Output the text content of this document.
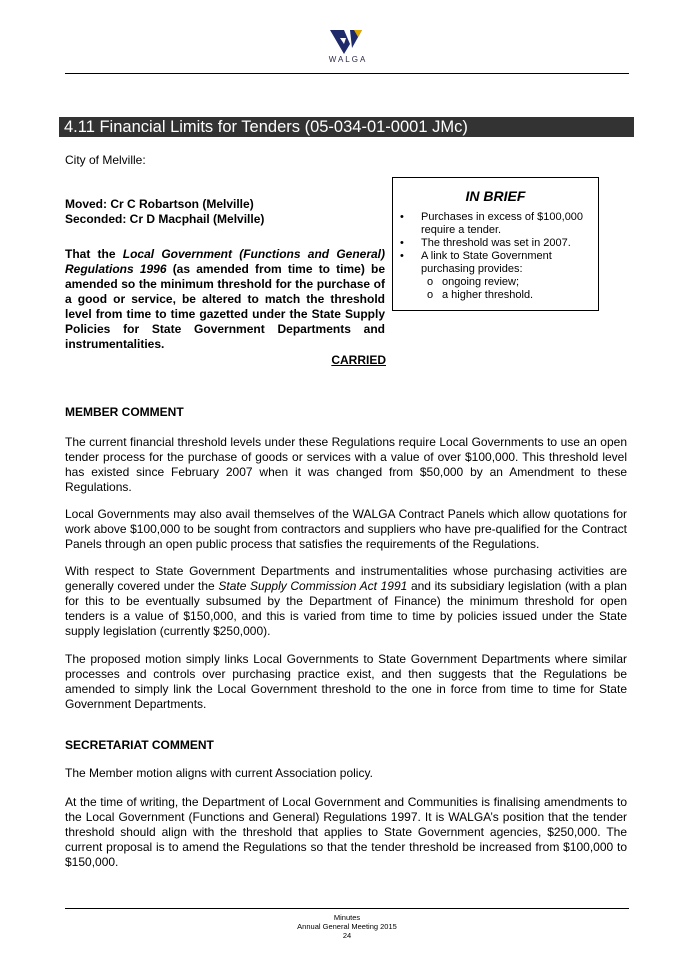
WALGA
4.11 Financial Limits for Tenders (05-034-01-0001 JMc)
City of Melville:
Moved: Cr C Robartson (Melville)
Seconded: Cr D Macphail (Melville)
That the Local Government (Functions and General) Regulations 1996 (as amended from time to time) be amended so the minimum threshold for the purchase of a good or service, be altered to match the threshold level from time to time gazetted under the State Supply Policies for State Government Departments and instrumentalities.
CARRIED
IN BRIEF
• Purchases in excess of $100,000 require a tender.
• The threshold was set in 2007.
• A link to State Government purchasing provides:
o ongoing review;
o a higher threshold.
MEMBER COMMENT
The current financial threshold levels under these Regulations require Local Governments to use an open tender process for the purchase of goods or services with a value of over $100,000. This threshold level has existed since February 2007 when it was changed from $50,000 by an Amendment to these Regulations.
Local Governments may also avail themselves of the WALGA Contract Panels which allow quotations for work above $100,000 to be sought from contractors and suppliers who have pre-qualified for the Contract Panels through an open public process that satisfies the requirements of the Regulations.
With respect to State Government Departments and instrumentalities whose purchasing activities are generally covered under the State Supply Commission Act 1991 and its subsidiary legislation (with a plan for this to be eventually subsumed by the Department of Finance) the minimum threshold for open tenders is a value of $150,000, and this is varied from time to time by policies issued under the State supply legislation (currently $250,000).
The proposed motion simply links Local Governments to State Government Departments where similar processes and controls over purchasing practice exist, and then suggests that the Regulations be amended to simply link the Local Government threshold to the one in force from time to time for State Government Departments.
SECRETARIAT COMMENT
The Member motion aligns with current Association policy.
At the time of writing, the Department of Local Government and Communities is finalising amendments to the Local Government (Functions and General) Regulations 1997. It is WALGA’s position that the tender threshold should align with the threshold that applies to State Government agencies, $250,000. The current proposal is to amend the Regulations so that the tender threshold be increased from $100,000 to $150,000.
Minutes
Annual General Meeting 2015
24
